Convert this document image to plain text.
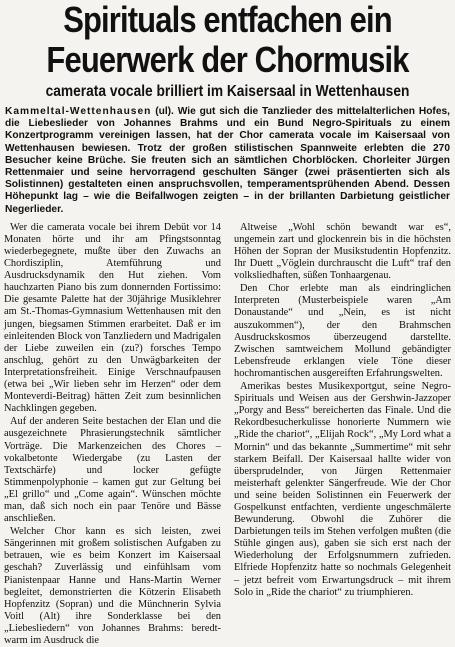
Spirituals entfachen ein
Feuerwerk der Chormusik
camerata vocale brilliert im Kaisersaal in Wettenhausen
Kammeltal-Wettenhausen (ul). Wie gut sich die Tanzlieder des mittelalterlichen Hofes, die Liebeslieder von Johannes Brahms und ein Bund Negro-Spirituals zu einem Konzertprogramm vereinigen lassen, hat der Chor camerata vocale im Kaisersaal von Wettenhausen bewiesen. Trotz der großen stilistischen Spannweite erlebten die 270 Besucher keine Brüche. Sie freuten sich an sämtlichen Chorblöcken. Chorleiter Jürgen Rettenmaier und seine hervorragend geschulten Sänger (zwei präsentierten sich als Solistinnen) gestalteten einen anspruchsvollen, temperamentsprühenden Abend. Dessen Höhepunkt lag – wie die Beifallwogen zeigten – in der brillanten Darbietung geistlicher Negerlieder.

Wer die camerata vocale bei ihrem Debüt vor 14 Monaten hörte und ihr am Pfingstsonntag wiederbegegnete, mußte über den Zuwachs an Chordisziplin, Atemführung und Ausdrucksdynamik den Hut ziehen. Vom hauchzarten Piano bis zum donnernden Fortissimo: Die gesamte Palette hat der 30jährige Musiklehrer am St.-Thomas-Gymnasium Wettenhausen mit den jungen, biegsamen Stimmen erarbeitet. Daß er im einleitenden Block von Tanzliedern und Madrigalen der Liebe zuweilen ein (zu?) forsches Tempo anschlug, gehört zu den Unwägbarkeiten der Interpretationsfreiheit. Einige Verschnaufpausen (etwa bei „Wir lieben sehr im Herzen“ oder dem Monteverdi-Beitrag) hätten Zeit zum besinnlichen Nachklingen gegeben.

Auf der anderen Seite bestachen der Elan und die ausgezeichnete Phrasierungstechnik sämtlicher Vorträge. Die Markenzeichen des Chores – vokalbetonte Wiedergabe (zu Lasten der Textschärfe) und locker gefügte Stimmenpolyphonie – kamen gut zur Geltung bei „El grillo“ und „Come again“. Wünschen möchte man, daß sich noch ein paar Tenöre und Bässe anschließen.

Welcher Chor kann es sich leisten, zwei Sängerinnen mit großem solistischen Aufgaben zu betrauen, wie es beim Konzert im Kaisersaal geschah? Zuverlässig und einfühlsam vom Pianistenpaar Hanne und Hans-Martin Werner begleitet, demonstrierten die Kötzerin Elisabeth Hopfenzitz (Sopran) und die Münchnerin Sylvia Voitl (Alt) ihre Sonderklasse bei den „Liebesliedern“ von Johannes Brahms: beredt-warm im Ausdruck die

Altweise „Wohl schön bewandt war es“, ungemein zart und glockenrein bis in die höchsten Höhen der Sopran der Musikstudentin Hopfenzitz. Ihr Duett „Vöglein durchrauscht die Luft“ traf den volksliedhaften, süßen Tonhaargenau.

Den Chor erlebte man als eindringlichen Interpreten (Musterbeispiele waren „Am Donaustande“ und „Nein, es ist nicht auszukommen“), der den Brahmschen Ausdruckskosmos überzeugend darstellte. Zwischen samtweichem Mollund gebändigter Lebensfreude erklangen viele Töne dieser hochromantischen ausgereiften Erfahrungswelten.

Amerikas bestes Musikexportgut, seine Negro-Spirituals und Weisen aus der Gershwin-Jazzoper „Porgy and Bess“ bereicherten das Finale. Und die Rekordbesucherkulisse honorierte Nummern wie „Ride the chariot“, „Elijah Rock“, „My Lord what a Mornin“ und das bekannte „Summertime“ mit sehr starkem Beifall. Der Kaisersaal hallte wider von übersprudelnder, von Jürgen Rettenmaier meisterhaft gelenkter Sängerfreude. Wie der Chor und seine beiden Solistinnen ein Feuerwerk der Gospelkunst entfachten, verdiente ungeschmälerte Bewunderung. Obwohl die Zuhörer die Darbietungen teils im Stehen verfolgen mußten (die Stühle gingen aus), gaben sie sich erst nach der Wiederholung der Erfolgsnummern zufrieden. Elfriede Hopfenzitz hatte so nochmals Gelegenheit – jetzt befreit vom Erwartungsdruck – mit ihrem Solo in „Ride the chariot“ zu triumphieren.
